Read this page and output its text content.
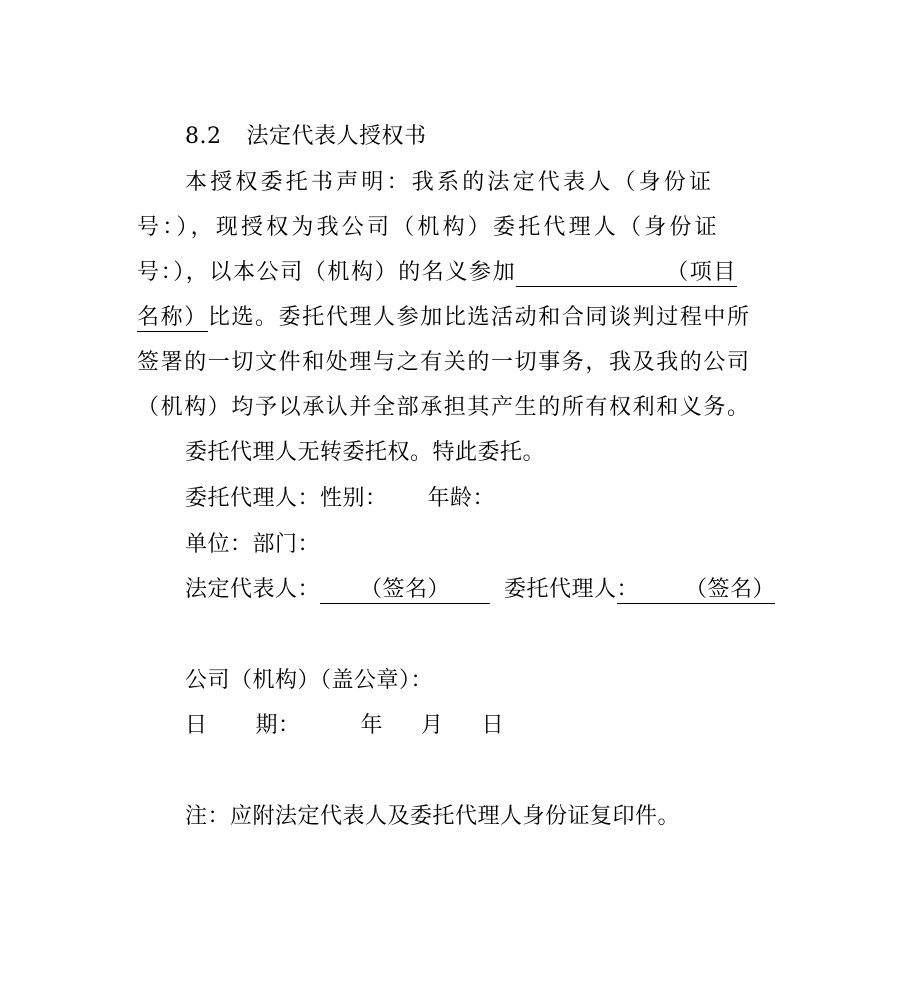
8.2 法定代表人授权书
本授权委托书声明：我系的法定代表人（身份证
号：），现授权为我公司（机构）委托代理人（身份证
号：），以本公司（机构）的名义参加	（项目
名称）比选。委托代理人参加比选活动和合同谈判过程中所
签署的一切文件和处理与之有关的一切事务，我及我的公司
（机构）均予以承认并全部承担其产生的所有权利和义务。
委托代理人无转委托权。特此委托。
委托代理人：性别： 年龄：
单位：部门：
法定代表人： （签名） 委托代理人： （签名）
公司（机构）（盖公章）：
日 期：	年 月 日
注：应附法定代表人及委托代理人身份证复印件。
